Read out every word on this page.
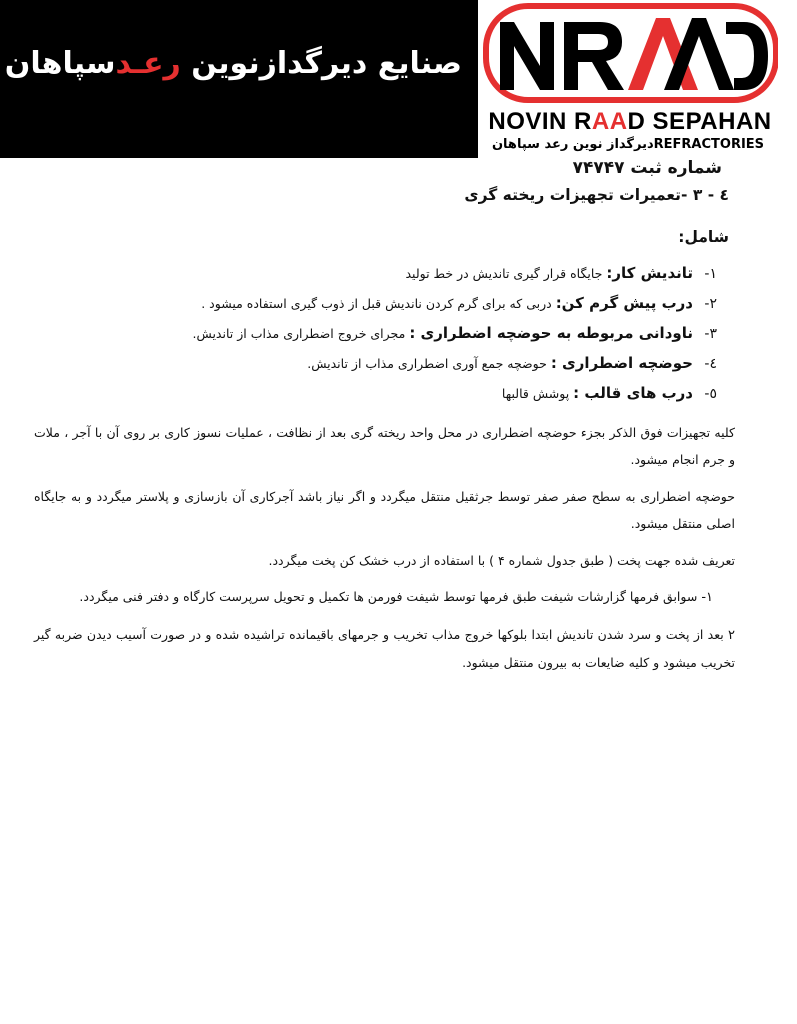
صنایع دیرگدازنوین رعـدسپاهان
NOVIN RAAD SEPAHAN
دیرگداز نوین رعد سپاهانREFRACTORIES
شماره ثبت ۷۴۷۴۷
٤ - ٣ -تعمیرات تجهیزات ریخته گری
شامل:
١-تاندیش کار: جایگاه قرار گیری تاندیش در خط تولید
٢-درب پیش گرم کن: دربی که برای گرم کردن ناندیش قبل از ذوب گیری استفاده میشود .
٣-ناودانی مربوطه به حوضچه اضطراری : مجرای خروج اضطراری مذاب از تاندیش.
٤-حوضچه اضطراری : حوضچه جمع آوری اضطراری مذاب از تاندیش.
٥-درب های قالب : پوشش قالبها

کلیه تجهیزات فوق الذکر بجزء حوضچه اضطراری در محل واحد ریخته گری بعد از نظافت ، عملیات نسوز کاری بر روی آن با آجر ، ملات و جرم انجام میشود.

حوضچه اضطراری به سطح صفر صفر توسط جرثقیل منتقل میگردد و اگر نیاز باشد آجرکاری آن بازسازی و پلاستر میگردد و به جایگاه اصلی منتقل میشود.

تعریف شده جهت پخت ( طبق جدول شماره ۴ ) با استفاده از درب خشک کن پخت میگردد.

١- سوابق فرمها گزارشات شیفت طبق فرمها توسط شیفت فورمن ها تکمیل و تحویل سرپرست کارگاه و دفتر فنی میگردد.

٢ بعد از پخت و سرد شدن تاندیش ابتدا بلوکها خروج مذاب تخریب و جرمهای باقیمانده تراشیده شده و در صورت آسیب دیدن ضربه گیر تخریب میشود و کلیه ضایعات به بیرون منتقل میشود.
